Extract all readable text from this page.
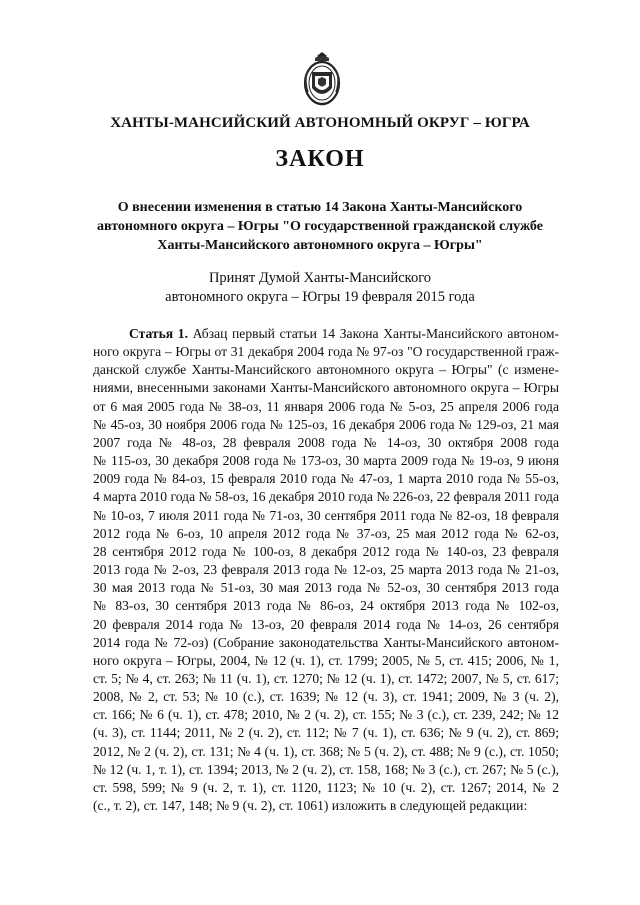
ХАНТЫ-МАНСИЙСКИЙ АВТОНОМНЫЙ ОКРУГ – ЮГРА
ЗАКОН
О внесении изменения в статью 14 Закона Ханты-Мансийского
автономного округа – Югры "О государственной гражданской службе
Ханты-Мансийского автономного округа – Югры"
Принят Думой Ханты-Мансийского
автономного округа – Югры 19 февраля 2015 года
Статья 1. Абзац первый статьи 14 Закона Ханты-Мансийского автоном-
ного округа – Югры от 31 декабря 2004 года № 97-оз "О государственной граж-
данской службе Ханты-Мансийского автономного округа – Югры" (с измене-
ниями, внесенными законами Ханты-Мансийского автономного округа – Югры
от 6 мая 2005 года № 38-оз, 11 января 2006 года № 5-оз, 25 апреля 2006 года
№ 45-оз, 30 ноября 2006 года № 125-оз, 16 декабря 2006 года № 129-оз, 21 мая
2007 года № 48-оз, 28 февраля 2008 года № 14-оз, 30 октября 2008 года
№ 115-оз, 30 декабря 2008 года № 173-оз, 30 марта 2009 года № 19-оз, 9 июня
2009 года № 84-оз, 15 февраля 2010 года № 47-оз, 1 марта 2010 года № 55-оз,
4 марта 2010 года № 58-оз, 16 декабря 2010 года № 226-оз, 22 февраля 2011 года
№ 10-оз, 7 июля 2011 года № 71-оз, 30 сентября 2011 года № 82-оз, 18 февраля
2012 года № 6-оз, 10 апреля 2012 года № 37-оз, 25 мая 2012 года № 62-оз,
28 сентября 2012 года № 100-оз, 8 декабря 2012 года № 140-оз, 23 февраля
2013 года № 2-оз, 23 февраля 2013 года № 12-оз, 25 марта 2013 года № 21-оз,
30 мая 2013 года № 51-оз, 30 мая 2013 года № 52-оз, 30 сентября 2013 года
№ 83-оз, 30 сентября 2013 года № 86-оз, 24 октября 2013 года № 102-оз,
20 февраля 2014 года № 13-оз, 20 февраля 2014 года № 14-оз, 26 сентября
2014 года № 72-оз) (Собрание законодательства Ханты-Мансийского автоном-
ного округа – Югры, 2004, № 12 (ч. 1), ст. 1799; 2005, № 5, ст. 415; 2006, № 1,
ст. 5; № 4, ст. 263; № 11 (ч. 1), ст. 1270; № 12 (ч. 1), ст. 1472; 2007, № 5, ст. 617;
2008, № 2, ст. 53; № 10 (с.), ст. 1639; № 12 (ч. 3), ст. 1941; 2009, № 3 (ч. 2),
ст. 166; № 6 (ч. 1), ст. 478; 2010, № 2 (ч. 2), ст. 155; № 3 (с.), ст. 239, 242; № 12
(ч. 3), ст. 1144; 2011, № 2 (ч. 2), ст. 112; № 7 (ч. 1), ст. 636; № 9 (ч. 2), ст. 869;
2012, № 2 (ч. 2), ст. 131; № 4 (ч. 1), ст. 368; № 5 (ч. 2), ст. 488; № 9 (с.), ст. 1050;
№ 12 (ч. 1, т. 1), ст. 1394; 2013, № 2 (ч. 2), ст. 158, 168; № 3 (с.), ст. 267; № 5 (с.),
ст. 598, 599; № 9 (ч. 2, т. 1), ст. 1120, 1123; № 10 (ч. 2), ст. 1267; 2014, № 2
(с., т. 2), ст. 147, 148; № 9 (ч. 2), ст. 1061) изложить в следующей редакции:
